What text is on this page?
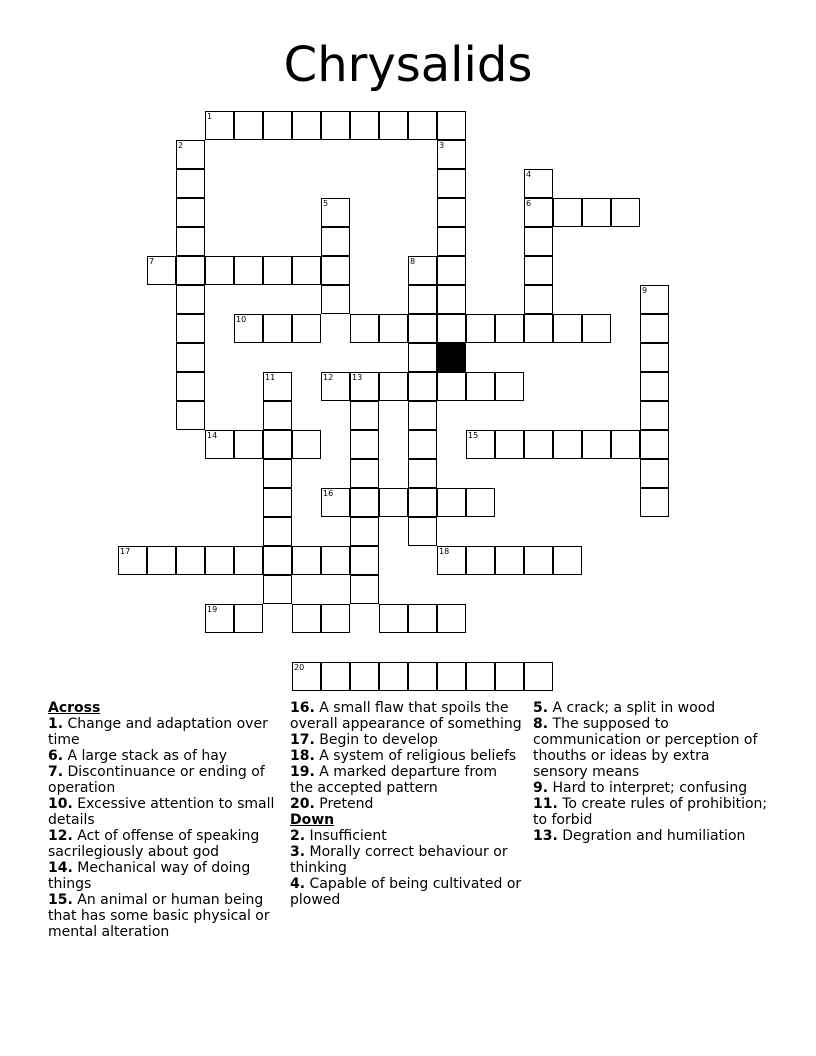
Chrysalids
1
2	3
4
6
5
7	8
9
10
11	12 13
14	15
16
17	18
19
20
Across
1. Change and adaptation over time
6. A large stack as of hay
7. Discontinuance or ending of operation
10. Excessive attention to small details
12. Act of offense of speaking sacrilegiously about god
14. Mechanical way of doing things
15. An animal or human being that has some basic physical or mental alteration
16. A small flaw that spoils the overall appearance of something
17. Begin to develop
18. A system of religious beliefs
19. A marked departure from the accepted pattern
20. Pretend
Down
2. Insufficient
3. Morally correct behaviour or thinking
4. Capable of being cultivated or plowed
5. A crack; a split in wood
8. The supposed to communication or perception of thouths or ideas by extra sensory means
9. Hard to interpret; confusing
11. To create rules of prohibition; to forbid
13. Degration and humiliation
